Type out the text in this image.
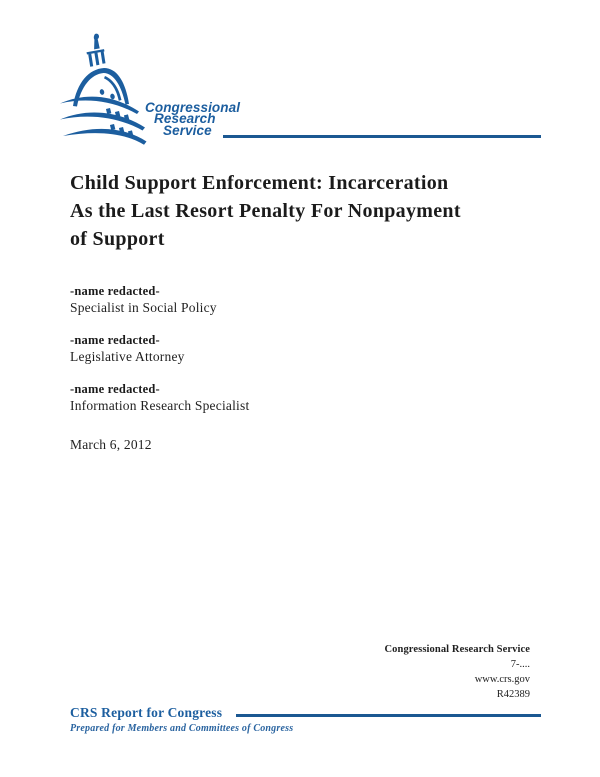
Congressional
Research
Service
Child Support Enforcement: Incarceration
As the Last Resort Penalty For Nonpayment
of Support
-name redacted-
Specialist in Social Policy
-name redacted-
Legislative Attorney
-name redacted-
Information Research Specialist
March 6, 2012
Congressional Research Service
7-....
www.crs.gov
R42389
CRS Report for Congress
Prepared for Members and Committees of Congress
